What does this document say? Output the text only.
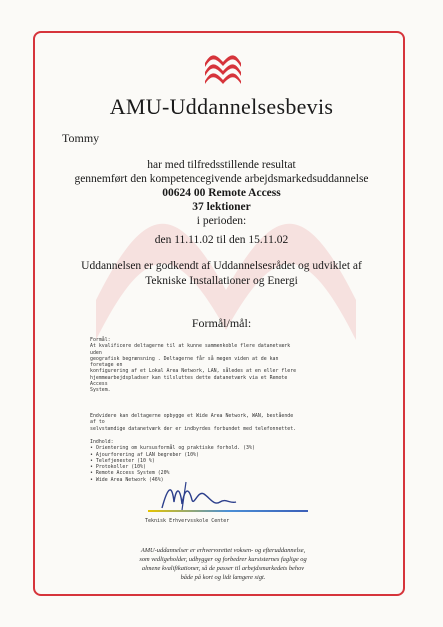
AMU-Uddannelsesbevis
Tommy
har med tilfredsstillende resultat
gennemført den kompetencegivende arbejdsmarkedsuddannelse
00624 00 Remote Access
37 lektioner
i perioden:
den 11.11.02 til den 15.11.02
Uddannelsen er godkendt af Uddannelsesrådet og udviklet af
Tekniske Installationer og Energi
Formål/mål:
Formål:
At kvalificere deltagerne til at kunne sammenkoble flere datanetværk
uden
geografisk begrænsning . Deltagerne får så megen viden at de kan
foretage en
konfigurering af et Lokal Area Network, LAN, således at en eller flere
hjemmearbejdspladser kan tilsluttes dette datanetværk via et Remote
Access
System.
Endvidere kan deltagerne opbygge et Wide Area Network, WAN, bestående
af to
selvstændige datanetværk der er indbyrdes forbundet med telefonnettet.
Indhold:
• Orientering om kursusformål og praktiske forhold. (3%)
• Ajourforering af LAN begreber (10%)
• Telefjenester (10 %)
• Protokoller (10%)
• Remote Access System (20%
• Wide Area Network (46%)
Teknisk Erhvervsskole Center
AMU-uddannelser er erhvervsrettet voksen- og efteruddannelse,
som vedligeholder, udbygger og forbedrer kursisternes faglige og
almene kvalifikationer, så de passer til arbejdsmarkedets behov
både på kort og lidt længere sigt.
